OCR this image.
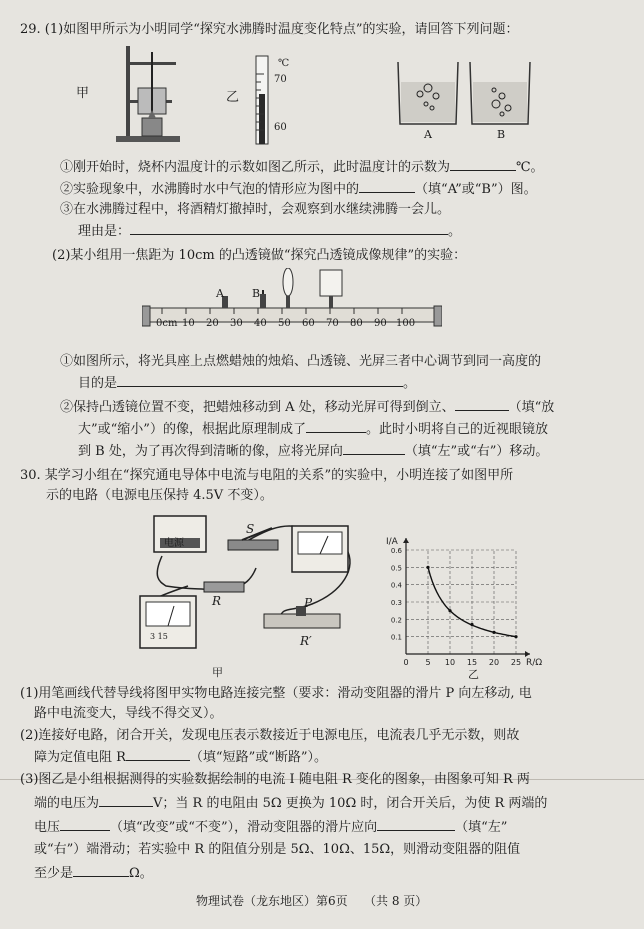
29. (1)如图甲所示为小明同学“探究水沸腾时温度变化特点”的实验，请回答下列问题：
甲	乙
℃
70
60
A	B
①刚开始时，烧杯内温度计的示数如图乙所示，此时温度计的示数为	℃。
②实验现象中，水沸腾时水中气泡的情形应为图中的	（填“A”或“B”）图。
③在水沸腾过程中，将酒精灯撤掉时，会观察到水继续沸腾一会儿。
理由是：	。
(2)某小组用一焦距为 10cm 的凸透镜做“探究凸透镜成像规律”的实验：
A	B
0cm 10 20 30 40 50 60 70 80 90 100
①如图所示，将光具座上点燃蜡烛的烛焰、凸透镜、光屏三者中心调节到同一高度的
目的是	。
②保持凸透镜位置不变，把蜡烛移动到 A 处，移动光屏可得到倒立、	（填“放
大”或“缩小”）的像，根据此原理制成了	。此时小明将自己的近视眼镜放
到 B 处，为了再次得到清晰的像，应将光屏向	（填“左”或“右”）移动。
30. 某学习小组在“探究通电导体中电流与电阻的关系”的实验中，小明连接了如图甲所
示的电路（电源电压保持 4.5V 不变）。
电源
S
R	P
R′
3 15
甲
0 5 10 15 20 25
0.1
0.2
0.3
0.4
0.5
0.6
I/A
R/Ω
乙
(1)用笔画线代替导线将图甲实物电路连接完整（要求：滑动变阻器的滑片 P 向左移动, 电
路中电流变大，导线不得交叉）。
(2)连接好电路，闭合开关，发现电压表示数接近于电源电压，电流表几乎无示数，则故
障为定值电阻 R	（填“短路”或“断路”）。
(3)图乙是小组根据测得的实验数据绘制的电流 I 随电阻 R 变化的图象，由图象可知 R 两
端的电压为	V；当 R 的电阻由 5Ω 更换为 10Ω 时，闭合开关后，为使 R 两端的
电压	（填“改变”或“不变”），滑动变阻器的滑片应向	（填“左”
或“右”）端滑动；若实验中 R 的阻值分别是 5Ω、10Ω、15Ω，则滑动变阻器的阻值
至少是	Ω。
物理试卷（龙东地区）第6页 （共 8 页）
